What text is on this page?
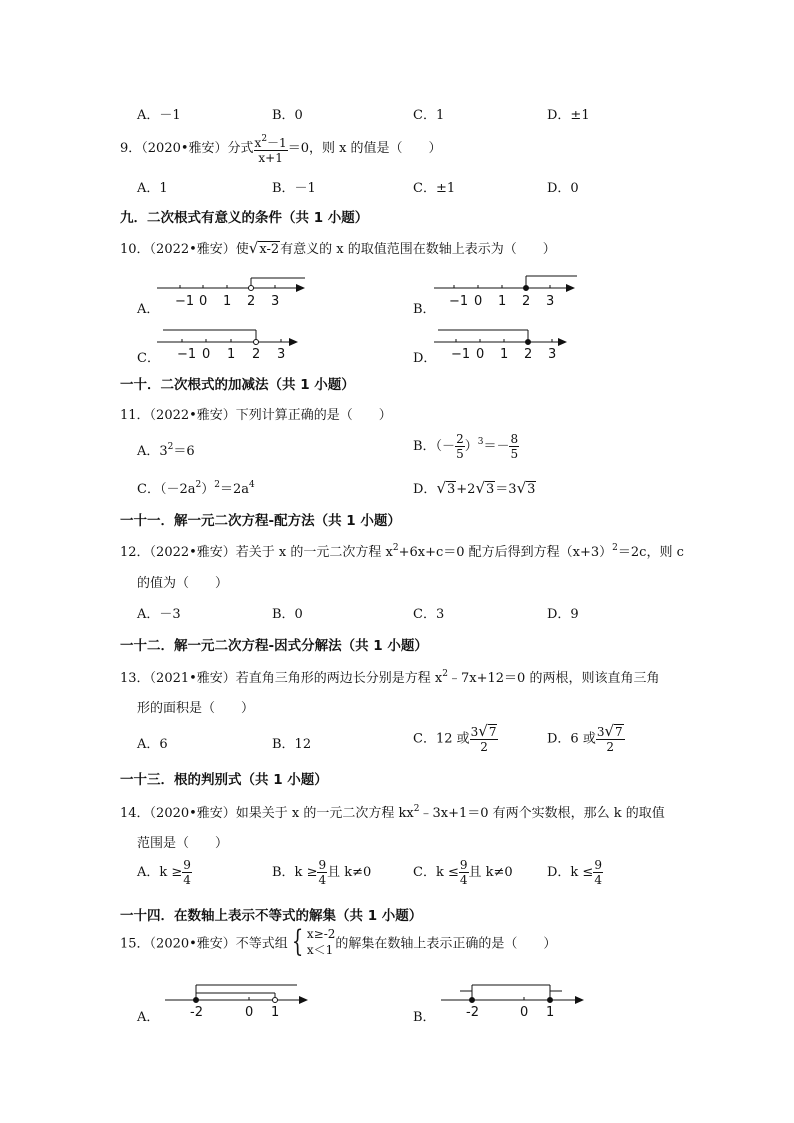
A．－1	B．0	C．1	D．±1
9．（2020•雅安）分式 $\frac{x^2-1}{x+1} =0$，则 x 的值是（　　）
A．1	B．－1	C．±1	D．0
九．二次根式有意义的条件（共 1 小题）
10．（2022•雅安）使√x-2有意义的 x 的取值范围在数轴上表示为（　　）
A．
−1 0 1 2 3
B．
−1 0 1 2 3
C． −1 0 1 2 3	D． −1 0 1 2 3
一十．二次根式的加减法（共 1 小题）
11．（2022•雅安）下列计算正确的是（　　）
A．$3^2=6$	B．（－ $\frac{2}{5} )^3=- \frac{8}{5}$
C．$(-2a^2)^2=2a^4$	D．√3+2√3＝3√3
一十一．解一元二次方程-配方法（共 1 小题）
12．（2022•雅安）若关于 x 的一元二次方程 $x^2+6x+c=0$ 配方后得到方程$(x+3)^2=2c$，则 c
的值为（　　）
A．－3	B．0	C．3	D．9
一十二．解一元二次方程-因式分解法（共 1 小题）
13．（2021•雅安）若直角三角形的两边长分别是方程 $x^2﹣7x+12=0$ 的两根，则该直角三角
形的面积是（　　）
A．6	B．12	C．12 或 $\frac{3√7}{2}$	D．6 或 $\frac{3√7}{2}$
一十三．根的判别式（共 1 小题）
14．（2020•雅安）如果关于 x 的一元二次方程 $kx^2﹣3x+1=0$ 有两个实数根，那么 k 的取值
范围是（　　）
A．$k \ge \frac{9}{4}$	B．$k \ge \frac{9}{4}$ 且 k≠0	C．$k \le \frac{9}{4}$ 且 k≠0	D．$k \le \frac{9}{4}$
一十四．在数轴上表示不等式的解集（共 1 小题）
15．（2020•雅安）不等式组 { x≥-2
x＜1 的解集在数轴上表示正确的是（　　）
A． -2	0 1	B． -2	0 1
